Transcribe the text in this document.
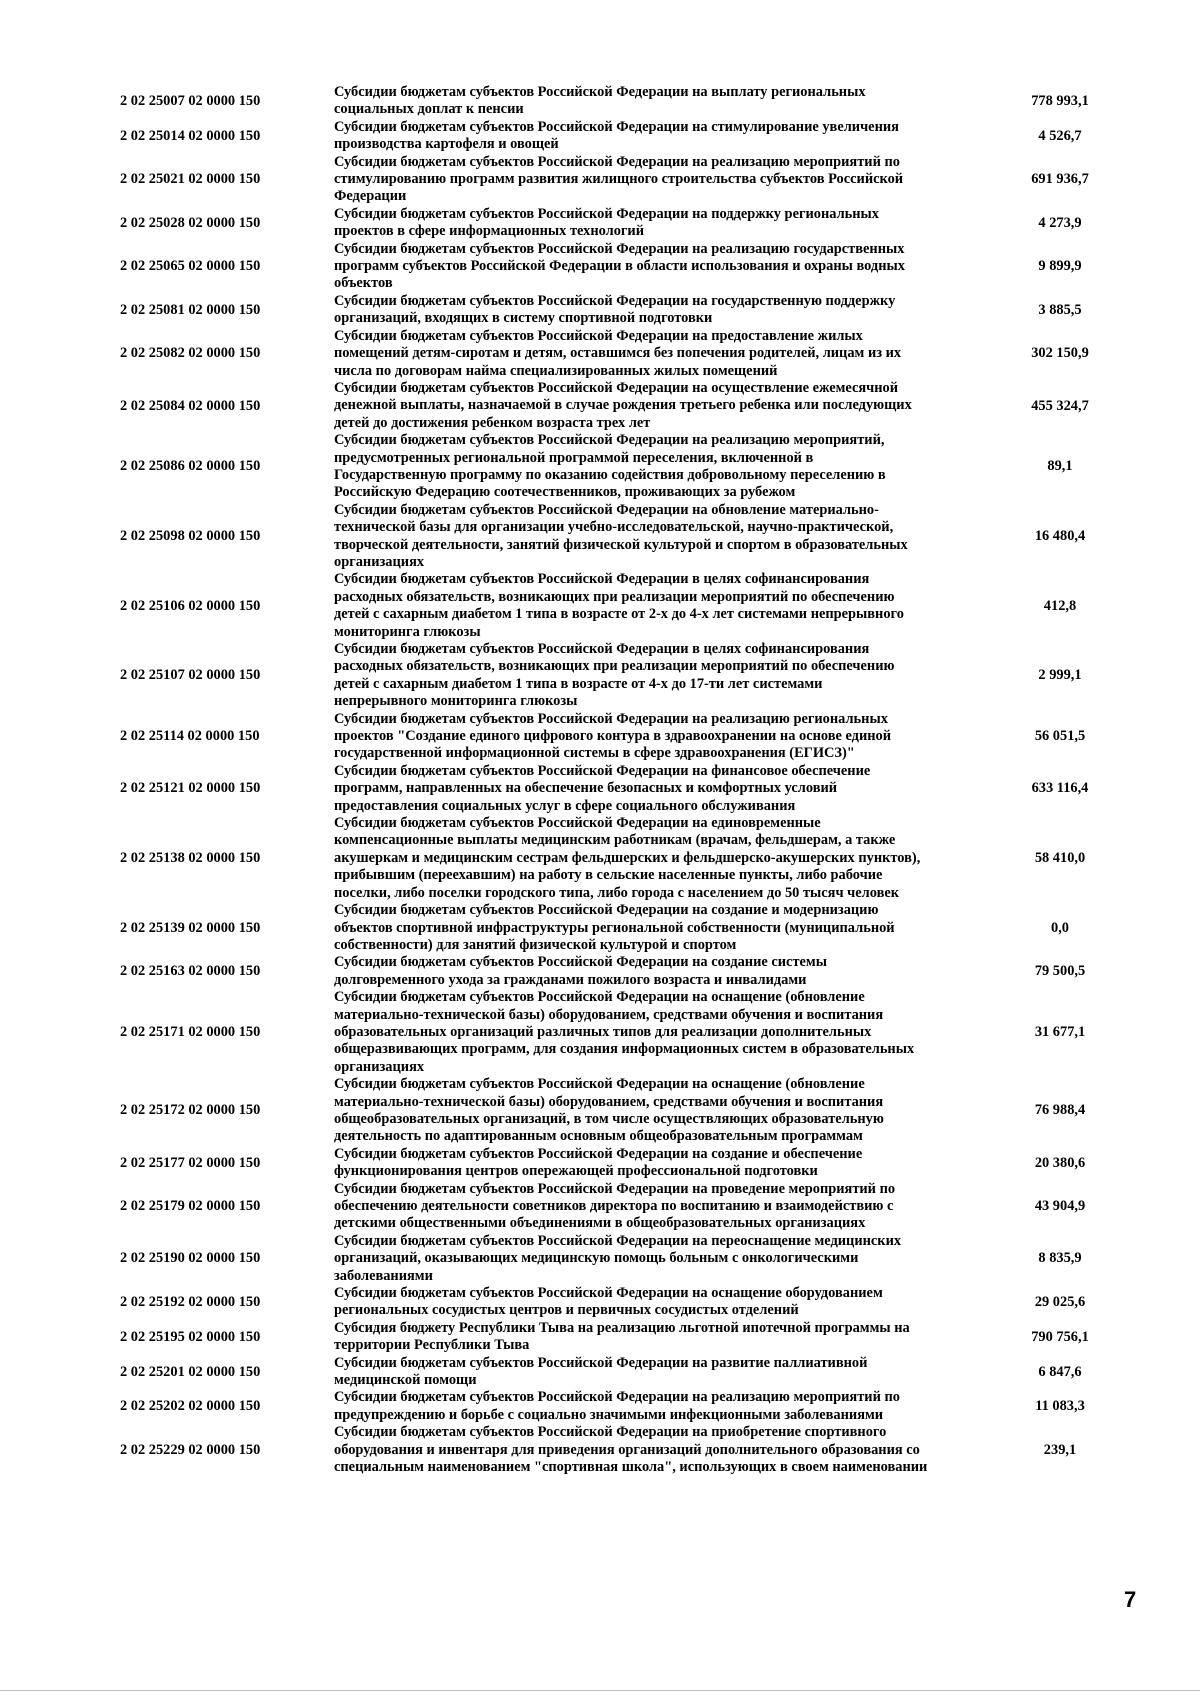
2 02 25007 02 0000 150
Субсидии бюджетам субъектов Российской Федерации на выплату региональных
социальных доплат к пенсии
778 993,1
2 02 25014 02 0000 150
Субсидии бюджетам субъектов Российской Федерации на стимулирование увеличения
производства картофеля и овощей
4 526,7
2 02 25021 02 0000 150
Субсидии бюджетам субъектов Российской Федерации на реализацию мероприятий по
стимулированию программ развития жилищного строительства субъектов Российской
Федерации
691 936,7
2 02 25028 02 0000 150
Субсидии бюджетам субъектов Российской Федерации на поддержку региональных
проектов в сфере информационных технологий
4 273,9
2 02 25065 02 0000 150
Субсидии бюджетам субъектов Российской Федерации на реализацию государственных
программ субъектов Российской Федерации в области использования и охраны водных
объектов
9 899,9
2 02 25081 02 0000 150
Субсидии бюджетам субъектов Российской Федерации на государственную поддержку
организаций, входящих в систему спортивной подготовки
3 885,5
2 02 25082 02 0000 150
Субсидии бюджетам субъектов Российской Федерации на предоставление жилых
помещений детям-сиротам и детям, оставшимся без попечения родителей, лицам из их
числа по договорам найма специализированных жилых помещений
302 150,9
2 02 25084 02 0000 150
Субсидии бюджетам субъектов Российской Федерации на осуществление ежемесячной
денежной выплаты, назначаемой в случае рождения третьего ребенка или последующих
детей до достижения ребенком возраста трех лет
455 324,7
2 02 25086 02 0000 150
Субсидии бюджетам субъектов Российской Федерации на реализацию мероприятий,
предусмотренных региональной программой переселения, включенной в
Государственную программу по оказанию содействия добровольному переселению в
Российскую Федерацию соотечественников, проживающих за рубежом
89,1
2 02 25098 02 0000 150
Субсидии бюджетам субъектов Российской Федерации на обновление материально-
технической базы для организации учебно-исследовательской, научно-практической,
творческой деятельности, занятий физической культурой и спортом в образовательных
организациях
16 480,4
2 02 25106 02 0000 150
Субсидии бюджетам субъектов Российской Федерации в целях софинансирования
расходных обязательств, возникающих при реализации мероприятий по обеспечению
детей с сахарным диабетом 1 типа в возрасте от 2-х до 4-х лет системами непрерывного
мониторинга глюкозы
412,8
2 02 25107 02 0000 150
Субсидии бюджетам субъектов Российской Федерации в целях софинансирования
расходных обязательств, возникающих при реализации мероприятий по обеспечению
детей с сахарным диабетом 1 типа в возрасте от 4-х до 17-ти лет системами
непрерывного мониторинга глюкозы
2 999,1
2 02 25114 02 0000 150
Субсидии бюджетам субъектов Российской Федерации на реализацию региональных
проектов "Создание единого цифрового контура в здравоохранении на основе единой
государственной информационной системы в сфере здравоохранения (ЕГИСЗ)"
56 051,5
2 02 25121 02 0000 150
Субсидии бюджетам субъектов Российской Федерации на финансовое обеспечение
программ, направленных на обеспечение безопасных и комфортных условий
предоставления социальных услуг в сфере социального обслуживания
633 116,4
2 02 25138 02 0000 150
Субсидии бюджетам субъектов Российской Федерации на единовременные
компенсационные выплаты медицинским работникам (врачам, фельдшерам, а также
акушеркам и медицинским сестрам фельдшерских и фельдшерско-акушерских пунктов),
прибывшим (переехавшим) на работу в сельские населенные пункты, либо рабочие
поселки, либо поселки городского типа, либо города с населением до 50 тысяч человек
58 410,0
2 02 25139 02 0000 150
Субсидии бюджетам субъектов Российской Федерации на создание и модернизацию
объектов спортивной инфраструктуры региональной собственности (муниципальной
собственности) для занятий физической культурой и спортом
0,0
2 02 25163 02 0000 150
Субсидии бюджетам субъектов Российской Федерации на создание системы
долговременного ухода за гражданами пожилого возраста и инвалидами
79 500,5
2 02 25171 02 0000 150
Субсидии бюджетам субъектов Российской Федерации на оснащение (обновление
материально-технической базы) оборудованием, средствами обучения и воспитания
образовательных организаций различных типов для реализации дополнительных
общеразвивающих программ, для создания информационных систем в образовательных
организациях
31 677,1
2 02 25172 02 0000 150
Субсидии бюджетам субъектов Российской Федерации на оснащение (обновление
материально-технической базы) оборудованием, средствами обучения и воспитания
общеобразовательных организаций, в том числе осуществляющих образовательную
деятельность по адаптированным основным общеобразовательным программам
76 988,4
2 02 25177 02 0000 150
Субсидии бюджетам субъектов Российской Федерации на создание и обеспечение
функционирования центров опережающей профессиональной подготовки
20 380,6
2 02 25179 02 0000 150
Субсидии бюджетам субъектов Российской Федерации на проведение мероприятий по
обеспечению деятельности советников директора по воспитанию и взаимодействию с
детскими общественными объединениями в общеобразовательных организациях
43 904,9
2 02 25190 02 0000 150
Субсидии бюджетам субъектов Российской Федерации на переоснащение медицинских
организаций, оказывающих медицинскую помощь больным с онкологическими
заболеваниями
8 835,9
2 02 25192 02 0000 150
Субсидии бюджетам субъектов Российской Федерации на оснащение оборудованием
региональных сосудистых центров и первичных сосудистых отделений
29 025,6
2 02 25195 02 0000 150
Субсидия бюджету Республики Тыва на реализацию льготной ипотечной программы на
территории Республики Тыва
790 756,1
2 02 25201 02 0000 150
Субсидии бюджетам субъектов Российской Федерации на развитие паллиативной
медицинской помощи
6 847,6
2 02 25202 02 0000 150
Субсидии бюджетам субъектов Российской Федерации на реализацию мероприятий по
предупреждению и борьбе с социально значимыми инфекционными заболеваниями
11 083,3
2 02 25229 02 0000 150
Субсидии бюджетам субъектов Российской Федерации на приобретение спортивного
оборудования и инвентаря для приведения организаций дополнительного образования со
специальным наименованием "спортивная школа", использующих в своем наименовании
239,1
7
